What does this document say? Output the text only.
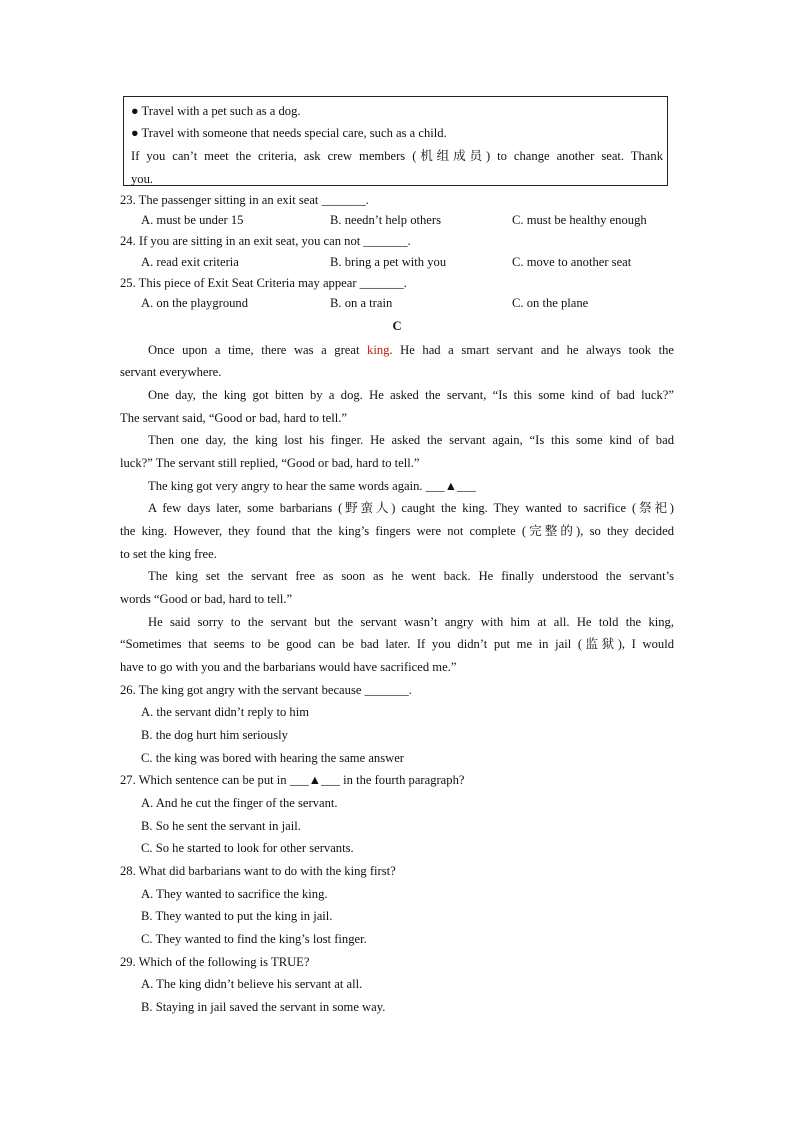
● Travel with a pet such as a dog.
● Travel with someone that needs special care, such as a child.
If you can’t meet the criteria, ask crew members (机组成员) to change another seat. Thank
you.
23. The passenger sitting in an exit seat _______.
A. must be under 15	B. needn’t help others	C. must be healthy enough
24. If you are sitting in an exit seat, you can not _______.
A. read exit criteria	B. bring a pet with you	C. move to another seat
25. This piece of Exit Seat Criteria may appear _______.
A. on the playground	B. on a train	C. on the plane
C
Once upon a time, there was a great king. He had a smart servant and he always took the
servant everywhere.
One day, the king got bitten by a dog. He asked the servant, “Is this some kind of bad luck?”
The servant said, “Good or bad, hard to tell.”
Then one day, the king lost his finger. He asked the servant again, “Is this some kind of bad
luck?” The servant still replied, “Good or bad, hard to tell.”
The king got very angry to hear the same words again. ___▲___
A few days later, some barbarians (野蛮人) caught the king. They wanted to sacrifice (祭祀)
the king. However, they found that the king’s fingers were not complete (完整的), so they decided
to set the king free.
The king set the servant free as soon as he went back. He finally understood the servant’s
words “Good or bad, hard to tell.”
He said sorry to the servant but the servant wasn’t angry with him at all. He told the king,
“Sometimes that seems to be good can be bad later. If you didn’t put me in jail (监狱), I would
have to go with you and the barbarians would have sacrificed me.”
26. The king got angry with the servant because _______.
A. the servant didn’t reply to him
B. the dog hurt him seriously
C. the king was bored with hearing the same answer
27. Which sentence can be put in ___▲___ in the fourth paragraph?
A. And he cut the finger of the servant.
B. So he sent the servant in jail.
C. So he started to look for other servants.
28. What did barbarians want to do with the king first?
A. They wanted to sacrifice the king.
B. They wanted to put the king in jail.
C. They wanted to find the king’s lost finger.
29. Which of the following is TRUE?
A. The king didn’t believe his servant at all.
B. Staying in jail saved the servant in some way.
